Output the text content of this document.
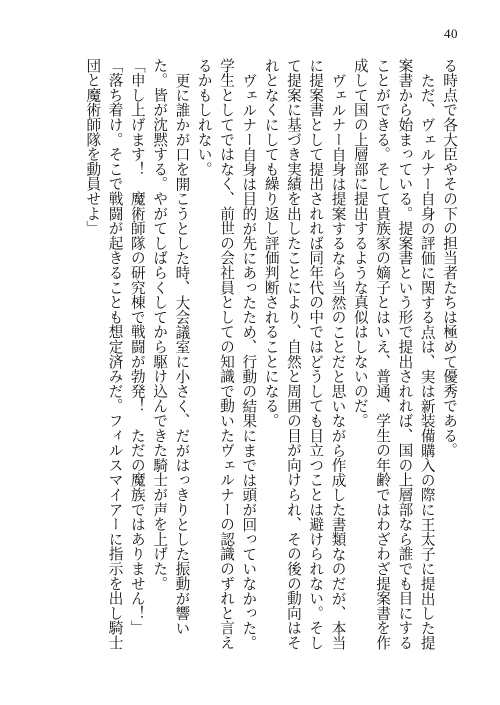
40

る時点で各大臣やその下の担当者たちは極めて優秀である。

ただ、ヴェルナー自身の評価に関する点は、実は新装備購入の際に王太子に提出した提案書から始まっている。提案書という形で提出されれば、国の上層部なら誰でも目にすることができる。そして貴族家の嫡子とはいえ、普通、学生の年齢ではわざわざ提案書を作成して国の上層部に提出するような真似はしないのだ。

ヴェルナー自身は提案するなら当然のことだと思いながら作成した書類なのだが、本当に提案書として提出されれば同年代の中ではどうしても目立つことは避けられない。そして提案に基づき実績を出したことにより、自然と周囲の目が向けられ、その後の動向はそれとなくにしても繰り返し評価判断されることになる。

ヴェルナー自身は目的が先にあったため、行動の結果にまでは頭が回っていなかった。学生としてではなく、前世の会社員としての知識で動いたヴェルナーの認識のずれと言えるかもしれない。

更に誰かが口を開こうとした時、大会議室に小さく、だがはっきりとした振動が響いた。皆が沈黙する。やがてしばらくしてから駆け込んできた騎士が声を上げた。

「申し上げます！　魔術師隊の研究棟で戦闘が勃発！　ただの魔族ではありません！」

「落ち着け。そこで戦闘が起きることも想定済みだ。フィルスマイアーに指示を出し騎士団と魔術師隊を動員せよ」
